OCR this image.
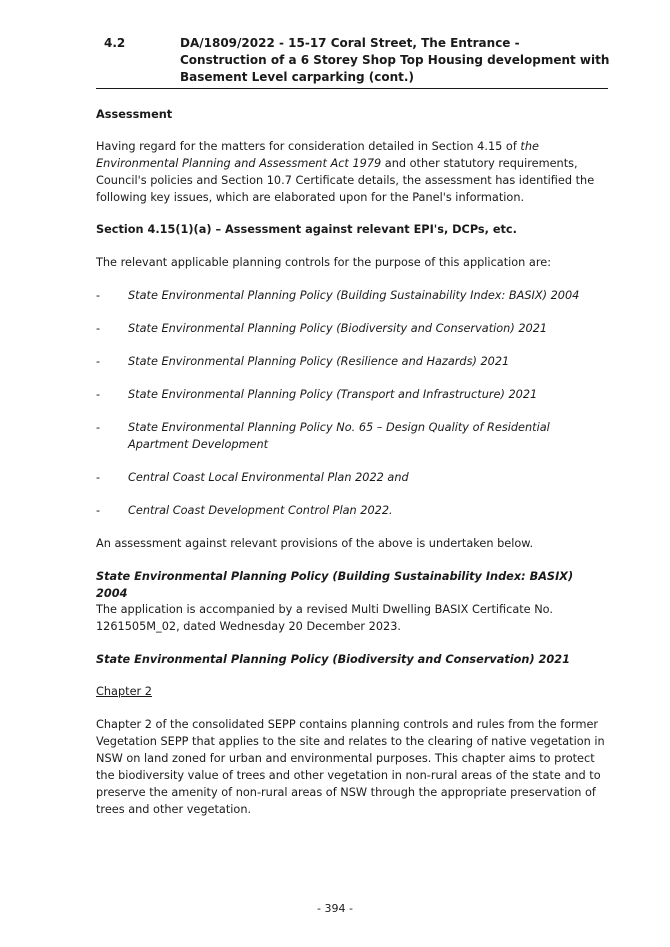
4.2	DA/1809/2022 - 15-17 Coral Street, The Entrance - Construction of a 6 Storey Shop Top Housing development with Basement Level carparking (cont.)
Assessment
Having regard for the matters for consideration detailed in Section 4.15 of the Environmental Planning and Assessment Act 1979 and other statutory requirements, Council's policies and Section 10.7 Certificate details, the assessment has identified the following key issues, which are elaborated upon for the Panel's information.
Section 4.15(1)(a) – Assessment against relevant EPI's, DCPs, etc.
The relevant applicable planning controls for the purpose of this application are:
- State Environmental Planning Policy (Building Sustainability Index: BASIX) 2004
- State Environmental Planning Policy (Biodiversity and Conservation) 2021
- State Environmental Planning Policy (Resilience and Hazards) 2021
- State Environmental Planning Policy (Transport and Infrastructure) 2021
- State Environmental Planning Policy No. 65 – Design Quality of Residential Apartment Development
- Central Coast Local Environmental Plan 2022 and
- Central Coast Development Control Plan 2022.
An assessment against relevant provisions of the above is undertaken below.
State Environmental Planning Policy (Building Sustainability Index: BASIX) 2004
The application is accompanied by a revised Multi Dwelling BASIX Certificate No. 1261505M_02, dated Wednesday 20 December 2023.
State Environmental Planning Policy (Biodiversity and Conservation) 2021
Chapter 2
Chapter 2 of the consolidated SEPP contains planning controls and rules from the former Vegetation SEPP that applies to the site and relates to the clearing of native vegetation in NSW on land zoned for urban and environmental purposes. This chapter aims to protect the biodiversity value of trees and other vegetation in non-rural areas of the state and to preserve the amenity of non-rural areas of NSW through the appropriate preservation of trees and other vegetation.
- 394 -
